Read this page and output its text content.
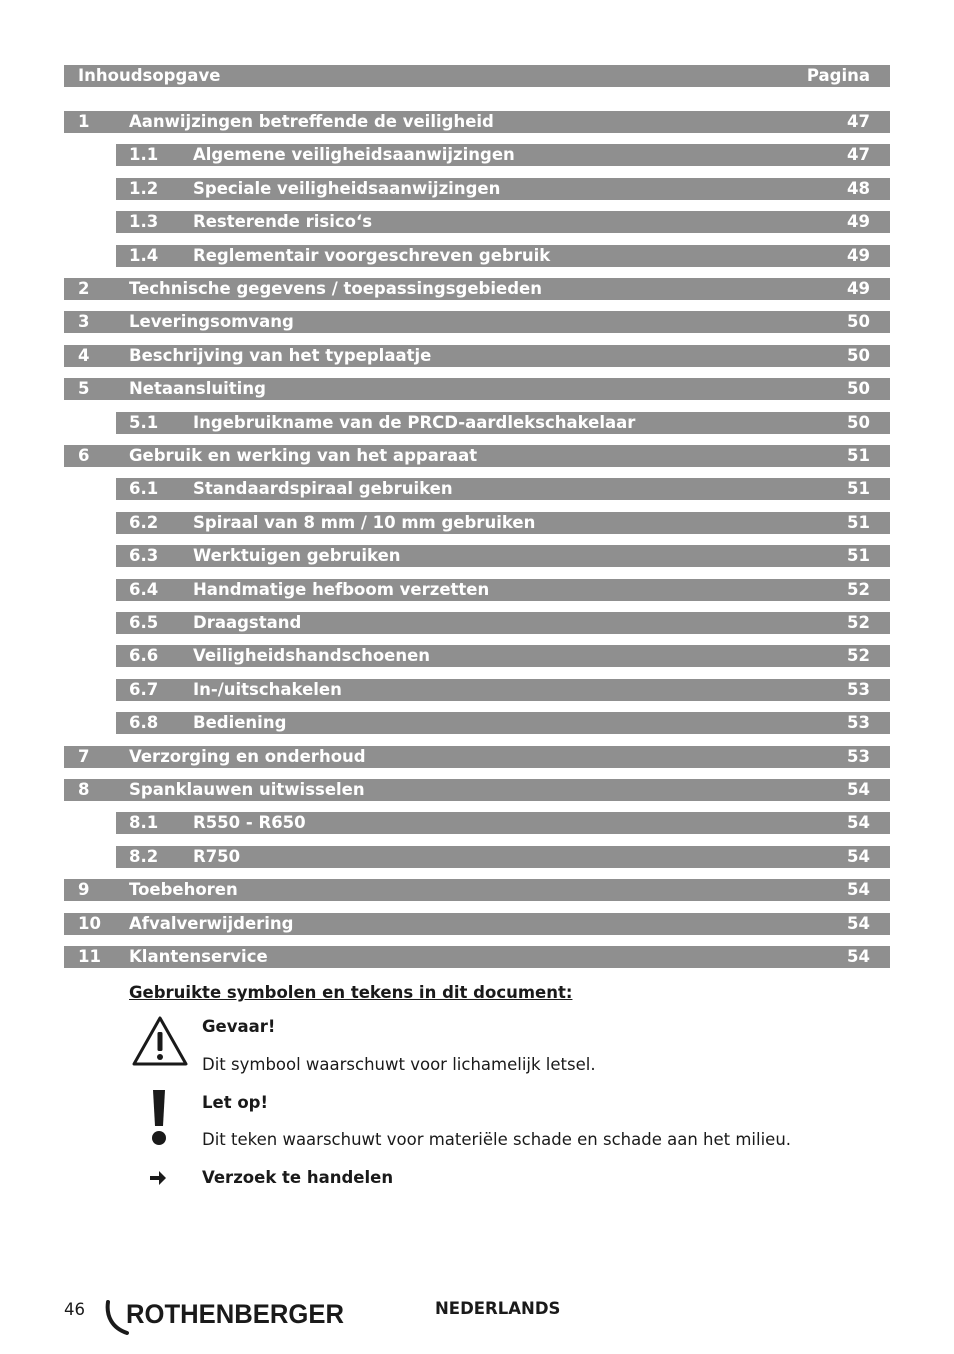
Inhoudsopgave	Pagina
1 Aanwijzingen betreffende de veiligheid	47
1.1 Algemene veiligheidsaanwijzingen	47
1.2 Speciale veiligheidsaanwijzingen	48
1.3 Resterende risico‘s	49
1.4 Reglementair voorgeschreven gebruik	49
2 Technische gegevens / toepassingsgebieden	49
3 Leveringsomvang	50
4 Beschrijving van het typeplaatje	50
5 Netaansluiting	50
5.1 Ingebruikname van de PRCD-aardlekschakelaar	50
6 Gebruik en werking van het apparaat	51
6.1 Standaardspiraal gebruiken	51
6.2 Spiraal van 8 mm / 10 mm gebruiken	51
6.3 Werktuigen gebruiken	51
6.4 Handmatige hefboom verzetten	52
6.5 Draagstand	52
6.6 Veiligheidshandschoenen	52
6.7 In-/uitschakelen	53
6.8 Bediening	53
7 Verzorging en onderhoud	53
8 Spanklauwen uitwisselen	54
8.1 R550 - R650	54
8.2 R750	54
9 Toebehoren	54
10 Afvalverwijdering	54
11 Klantenservice	54
Gebruikte symbolen en tekens in dit document:
Gevaar!
Dit symbool waarschuwt voor lichamelijk letsel.
Let op!
Dit teken waarschuwt voor materiële schade en schade aan het milieu.
Verzoek te handelen
46 ROTHENBERGER	NEDERLANDS
